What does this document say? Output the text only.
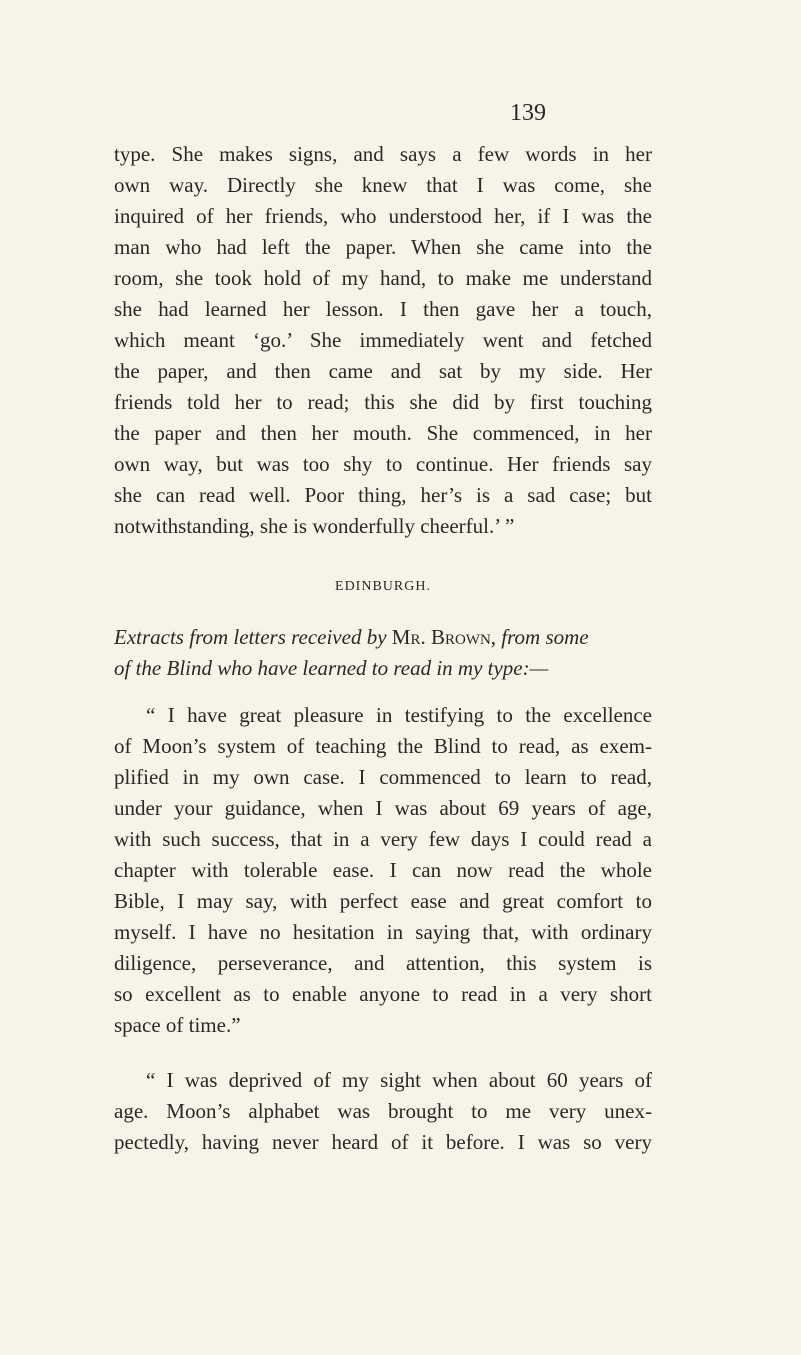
139

type. She makes signs, and says a few words in her
own way. Directly she knew that I was come, she
inquired of her friends, who understood her, if I was the
man who had left the paper. When she came into the
room, she took hold of my hand, to make me understand
she had learned her lesson. I then gave her a touch,
which meant ‘go.’ She immediately went and fetched
the paper, and then came and sat by my side. Her
friends told her to read; this she did by first touching
the paper and then her mouth. She commenced, in her
own way, but was too shy to continue. Her friends say
she can read well. Poor thing, her’s is a sad case; but
notwithstanding, she is wonderfully cheerful.’ ”

EDINBURGH.
Extracts from letters received by Mr. Brown, from some
of the Blind who have learned to read in my type:—

“ I have great pleasure in testifying to the excellence
of Moon’s system of teaching the Blind to read, as exem-
plified in my own case. I commenced to learn to read,
under your guidance, when I was about 69 years of age,
with such success, that in a very few days I could read a
chapter with tolerable ease. I can now read the whole
Bible, I may say, with perfect ease and great comfort to
myself. I have no hesitation in saying that, with ordinary
diligence, perseverance, and attention, this system is
so excellent as to enable anyone to read in a very short
space of time.”

“ I was deprived of my sight when about 60 years of
age. Moon’s alphabet was brought to me very unex-
pectedly, having never heard of it before. I was so very
